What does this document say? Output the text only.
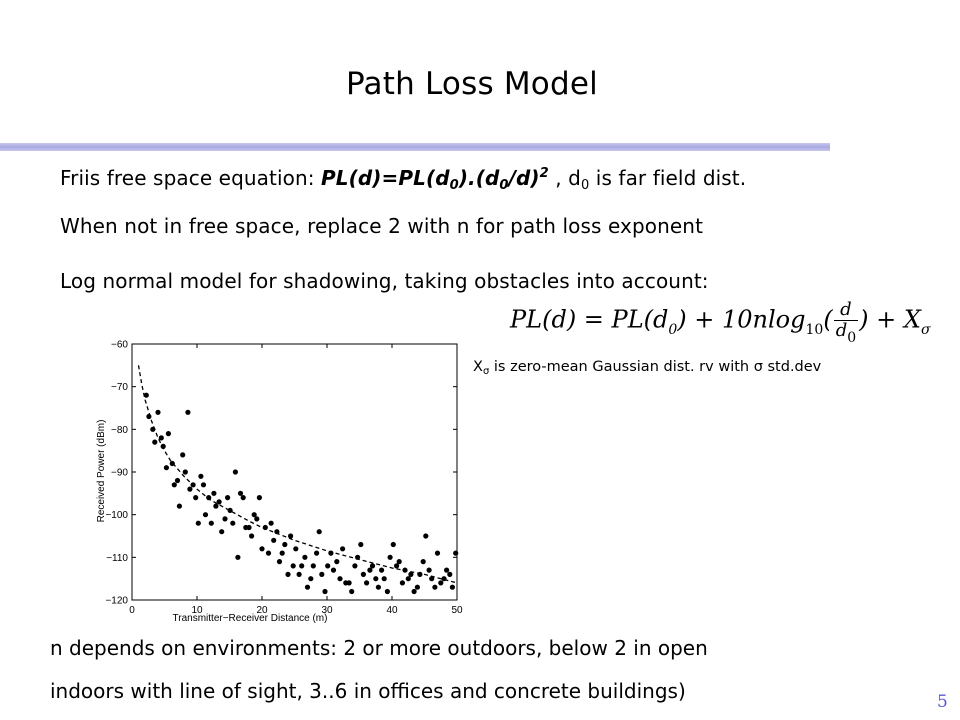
Path Loss Model
Friis free space equation: $PL(d)=PL(d_0).(d_0/d)^2$ , $d_0$ is far field dist.
When not in free space, replace 2 with n for path loss exponent
Log normal model for shadowing, taking obstacles into account:
$PL(d) = PL(d_0) + 10nlog_{10}( \frac{d}{d_0}$ ) + $X_\sigma$
$X_\sigma$ is zero-mean Gaussian dist. rv with σ std.dev
0	10	20	30	40	50
−60
−70
−80
−90
−100
−110
−120
Transmitter−Receiver Distance (m)
Received Power (dBm)
n depends on environments: 2 or more outdoors, below 2 in open
indoors with line of sight, 3..6 in offices and concrete buildings)	5
